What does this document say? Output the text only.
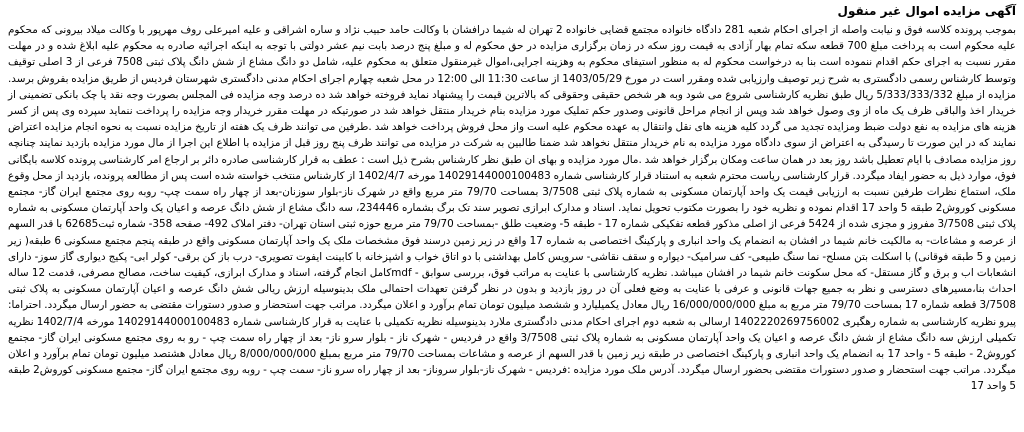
آگهی مزایده اموال غیر منقول

بموجب پرونده کلاسه فوق و نیابت واصله از اجرای احکام شعبه 281 دادگاه خانواده مجتمع قضایی خانواده 2 تهران له شیما درافشان با وکالت حامد حبیب نژاد و ساره اشراقی و علیه امیرعلی روف مهرپور با وکالت میلاد بیرونی که محکوم علیه محکوم است به پرداخت مبلغ 700 قطعه سکه تمام بهار آزادی به قیمت روز سکه در زمان برگزاری مزایده در حق محکوم له و مبلغ پنج درصد بابت نیم عشر دولتی با توجه به اینکه اجرائیه صادره به محکوم علیه ابلاغ شده و در مهلت مقرر نسبت به اجرای حکم اقدام ننموده است بنا به درخواست محکوم له به منظور استیفای محکوم به وهزینه اجرایی،اموال غیرمنقول متعلق به محکوم علیه، شامل دو دانگ مشاع از شش دانگ پلاک ثبتی 7508 فرعی از 3 اصلی توقیف وتوسط کارشناس رسمی دادگستری به شرح زیر توصیف وارزیابی شده ومقرر است در مورخ 1403/05/29 از ساعت 11:30 الی 12:00 در محل شعبه چهارم اجرای احکام مدنی دادگستری شهرستان فردیس از طریق مزایده بفروش برسد. مزایده از مبلغ 5/333/333/332 ریال طبق نظریه کارشناسی شروع می شود وبه هر شخص حقیقی وحقوقی که بالاترین قیمت را پیشنهاد نماید فروخته خواهد شد ده درصد وجه مزایده فی المجلس بصورت وجه نقد یا چک بانکی تضمینی از خریدار اخذ والباقی ظرف یک ماه از وی وصول خواهد شد وپس از انجام مراحل قانونی وصدور حکم تملیک مورد مزایده بنام خریدار منتقل خواهد شد در صورتیکه در مهلت مقرر خریدار وجه مزایده را پرداخت ننماید سپرده وی پس از کسر هزینه های مزایده به نفع دولت ضبط ومزایده تجدید می گردد کلیه هزینه های نقل وانتقال به عهده محکوم علیه است واز محل فروش پرداخت خواهد شد .طرفین می توانند ظرف یک هفته از تاریخ مزایده نسبت به نحوه انجام مزایده اعتراض نمایند که در این صورت تا رسیدگی به اعتراض از سوی دادگاه مورد مزایده به نام خریدار منتقل نخواهد شد ضمنا طالبین به شرکت در مزایده می توانند ظرف پنج روز قبل از مزایده با اطلاع این اجرا از مال مورد مزایده بازدید نمایند چنانچه روز مزایده مصادف با ایام تعطیل باشد روز بعد در همان ساعت ومکان برگزار خواهد شد .مال مورد مزایده و بهای ان طبق نظر کارشناس بشرح ذیل است : عطف به قرار کارشناسی صادره دائر بر ارجاع امر کارشناسی پرونده کلاسه بایگانی فوق، موارد ذیل به حضور ایفاد میگردد. قرار کارشناسی ریاست محترم شعبه به استناد قرار کارشناسی شماره 14029144000100483 مورخه 1402/4/7 از کارشناس منتخب خواسته شده است پس از مطالعه پرونده، بازدید از محل وقوع ملک، استماع نظرات طرفین نسبت به ارزیابی قیمت یک واحد آپارتمان مسکونی به شماره پلاک ثبتی 3/7508 بمساحت 79/70 متر مربع واقع در شهرک ناز-بلوار سوزنان-بعد از چهار راه سمت چپ- روبه روی مجتمع ایران گاز- مجتمع مسکونی کوروش2 طبقه 5 واحد 17 اقدام نموده و نظریه خود را بصورت مکتوب تحویل نماید. اسناد و مدارک ابرازی تصویر سند تک برگ بشماره 234446، سه دانگ مشاع از شش دانگ عرصه و اعیان یک واحد آپارتمان مسکونی به شماره پلاک ثبتی 3/7508 مفروز و مجزی شده از 5424 فرعی از اصلی مذکور قطعه تفکیکی شماره 17 - طبقه 5- وضعیت طلق -بمساحت 79/70 متر مربع حوزه ثبتی استان تهران- دفتر املاک 492- صفحه 358- شماره ثبت62685 با قدر السهم از عرصه و مشاعات- به مالکیت خانم شیما در افشان به انضمام یک واحد انباری و پارکینگ اختصاصی به شماره 17 واقع در زیر زمین درسند فوق مشخصات ملک یک واحد آپارتمان مسکونی واقع در طبقه پنجم مجتمع مسکونی 6 طبقه( زیر زمین و 5 طبقه فوقانی) با اسکلت بتن مسلح- نما سنگ طبیعی- کف سرامیک- دیواره و سقف نقاشی- سرویس کامل بهداشتی با دو اتاق خواب و اشپزخانه با کابینت ایفوت تصویری- درب باز کن برقی- کولر ابی- پکیج دیواری گاز سوز- دارای انشعابات اب و برق و گاز مستقل- که محل سکونت خانم شیما در افشان میباشد. نظریه کارشناسی با عنایت به مراتب فوق، بررسی سوابق - mdfکامل انجام گرفته، اسناد و مدارک ابرازی، کیفیت ساخت، مصالح مصرفی، قدمت 12 ساله احداث بنا،مسیرهای دسترسی و نظر به جمیع جهات قانونی و عرفی با عنایت به وضع فعلی آن در روز بازدید و بدون در نظر گرفتن تعهدات احتمالی ملک بدینوسیله ارزش ریالی شش دانگ عرصه و اعیان آپارتمان مسکونی به پلاک ثبتی 3/7508 قطعه شماره 17 بمساحت 79/70 متر مربع به مبلغ 16/000/000/000 ریال معادل یکمیلیارد و ششصد میلیون تومان تمام برآورد و اعلان میگردد. مراتب جهت استحضار و صدور دستورات مقتضی به حضور ارسال میگردد. احتراما: پیرو نظریه کارشناسی به شماره رهگیری 1402220269756002 ارسالی به شعبه دوم اجرای احکام مدنی دادگستری ملارد بدینوسیله نظریه تکمیلی با عنایت به قرار کارشناسی شماره 14029144000100483 مورخه 1402/7/4 نظریه تکمیلی ارزش سه دانگ مشاع از شش دانگ عرصه و اعیان یک واحد آپارتمان مسکونی به شماره پلاک ثبتی 3/7508 واقع در فردیس - شهرک ناز - بلوار سرو ناز- بعد از چهار راه سمت چپ - رو به روی مجتمع مسکونی ایران گاز- مجتمع کوروش2 - طبقه 5 - واحد 17 به انضمام یک واحد انباری و پارکینگ اختصاصی در طبقه زیر زمین با قدر السهم از عرصه و مشاعات بمساحت 79/70 متر مربع بمبلغ 8/000/000/000 ریال معادل هشتصد میلیون تومان تمام برآورد و اعلان میگردد. مراتب جهت استحضار و صدور دستورات مقتضی بحضور ارسال میگردد. آدرس ملک مورد مزایده :فردیس - شهرک ناز-بلوار سروناز- بعد از چهار راه سرو ناز- سمت چپ - روبه روی مجتمع ایران گاز- مجتمع مسکونی کوروش2 طبقه 5 واحد 17
